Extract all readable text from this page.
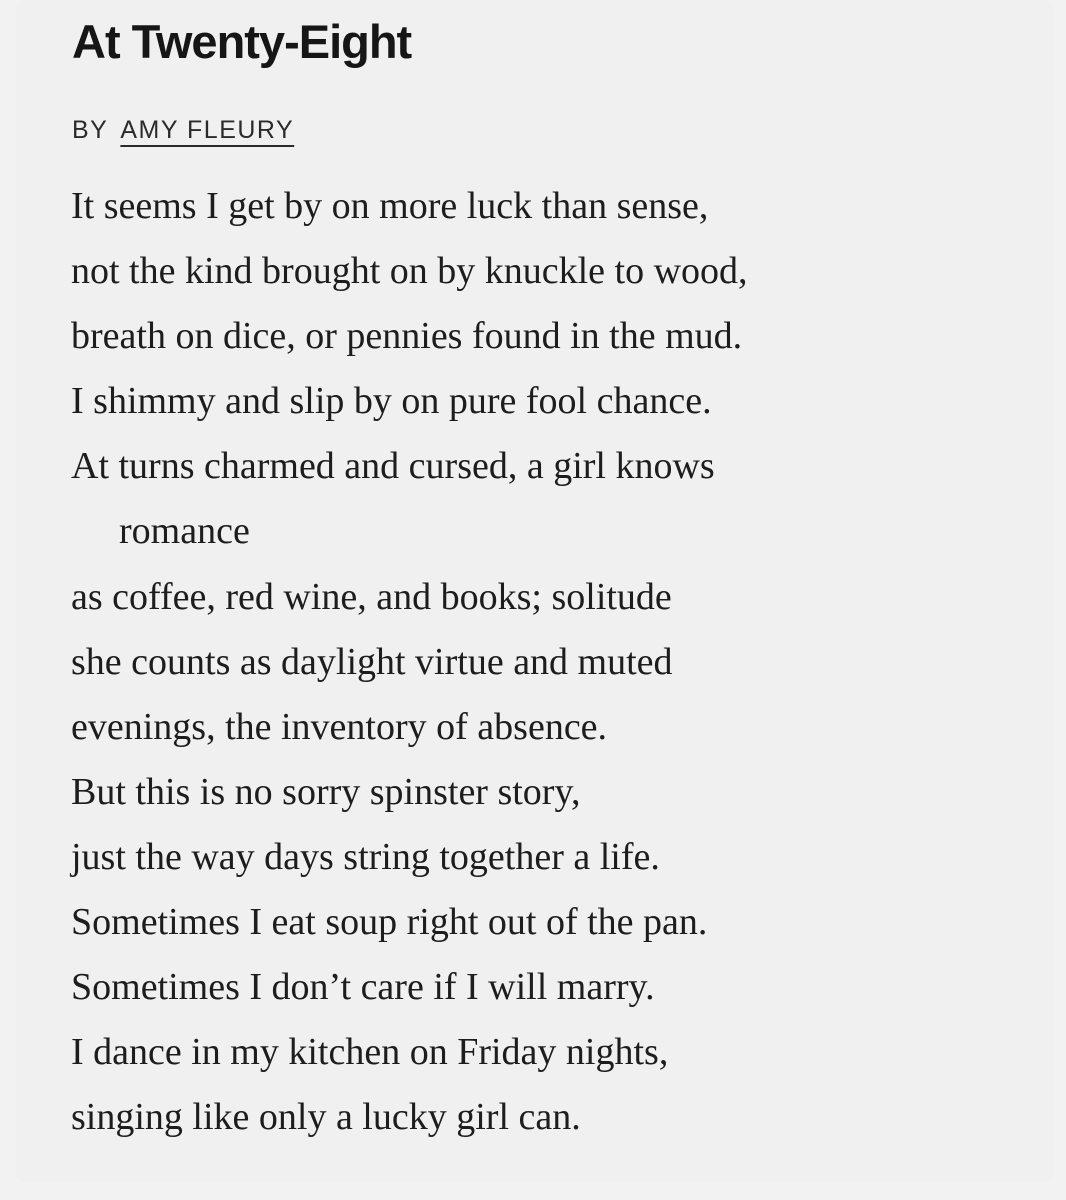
At Twenty-Eight
BY AMY FLEURY
It seems I get by on more luck than sense,
not the kind brought on by knuckle to wood,
breath on dice, or pennies found in the mud.
I shimmy and slip by on pure fool chance.
At turns charmed and cursed, a girl knows
romance
as coffee, red wine, and books; solitude
she counts as daylight virtue and muted
evenings, the inventory of absence.
But this is no sorry spinster story,
just the way days string together a life.
Sometimes I eat soup right out of the pan.
Sometimes I don’t care if I will marry.
I dance in my kitchen on Friday nights,
singing like only a lucky girl can.
